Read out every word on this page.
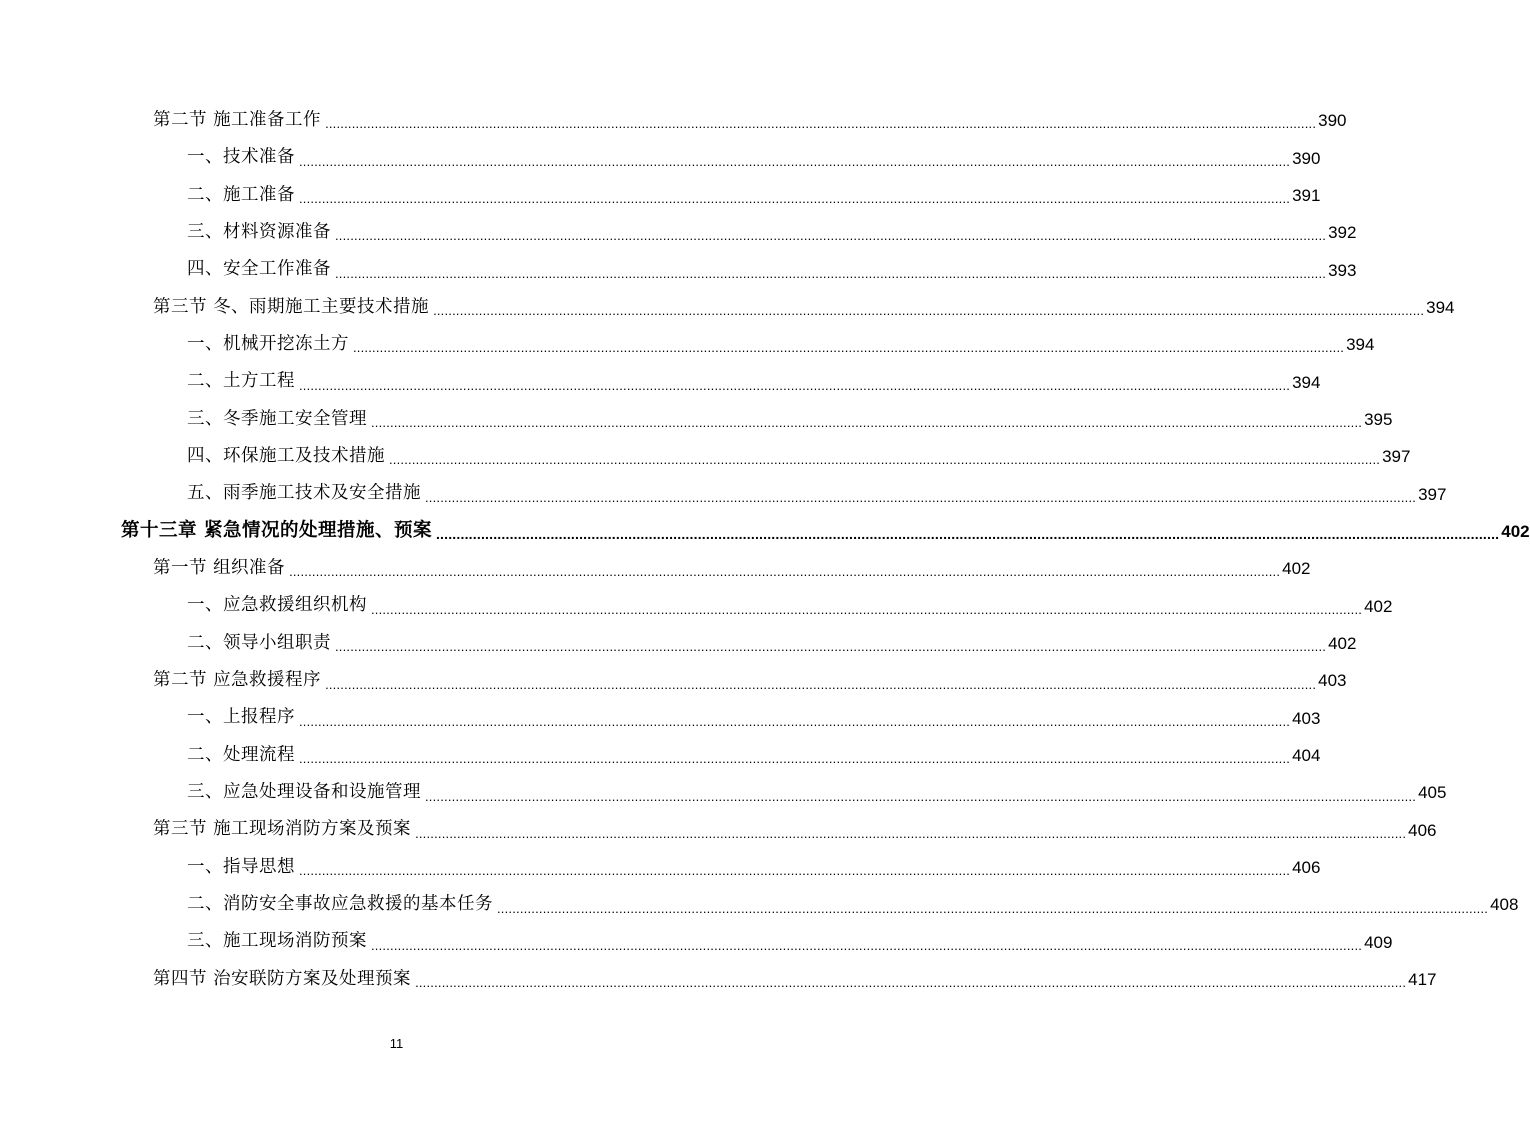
第二节 施工准备工作 .................................................................................................................................................................................................................................................................... 390
一、技术准备 .................................................................................................................................................................................................................................................................... 390
二、施工准备 .................................................................................................................................................................................................................................................................... 391
三、材料资源准备 .................................................................................................................................................................................................................................................................... 392
四、安全工作准备 .................................................................................................................................................................................................................................................................... 393
第三节 冬、雨期施工主要技术措施 .................................................................................................................................................................................................................................................................... 394
一、机械开挖冻土方 .................................................................................................................................................................................................................................................................... 394
二、土方工程 .................................................................................................................................................................................................................................................................... 394
三、冬季施工安全管理 .................................................................................................................................................................................................................................................................... 395
四、环保施工及技术措施 .................................................................................................................................................................................................................................................................... 397
五、雨季施工技术及安全措施 .................................................................................................................................................................................................................................................................... 397
第十三章 紧急情况的处理措施、预案 .................................................................................................................................................................................................................................................................... 402
第一节 组织准备 .................................................................................................................................................................................................................................................................... 402
一、应急救援组织机构 .................................................................................................................................................................................................................................................................... 402
二、领导小组职责 .................................................................................................................................................................................................................................................................... 402
第二节 应急救援程序 .................................................................................................................................................................................................................................................................... 403
一、上报程序 .................................................................................................................................................................................................................................................................... 403
二、处理流程 .................................................................................................................................................................................................................................................................... 404
三、应急处理设备和设施管理 .................................................................................................................................................................................................................................................................... 405
第三节 施工现场消防方案及预案 .................................................................................................................................................................................................................................................................... 406
一、指导思想 .................................................................................................................................................................................................................................................................... 406
二、消防安全事故应急救援的基本任务 .................................................................................................................................................................................................................................................................... 408
三、施工现场消防预案 .................................................................................................................................................................................................................................................................... 409
第四节 治安联防方案及处理预案 .................................................................................................................................................................................................................................................................... 417
11
